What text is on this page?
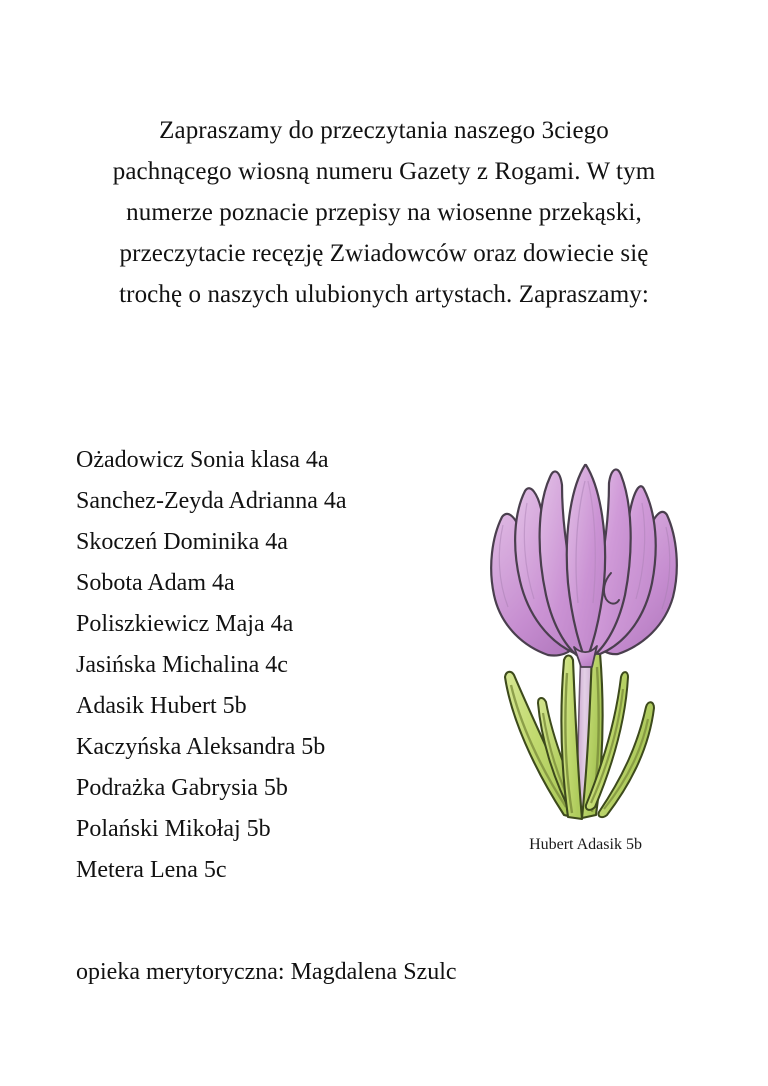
Zapraszamy do przeczytania naszego 3ciego
pachnącego wiosną numeru Gazety z Rogami. W tym
numerze poznacie przepisy na wiosenne przekąski,
przeczytacie recęzję Zwiadowców oraz dowiecie się
trochę o naszych ulubionych artystach. Zapraszamy:
Ożadowicz Sonia klasa 4a
Sanchez-Zeyda Adrianna 4a
Skoczeń Dominika 4a
Sobota Adam 4a
Poliszkiewicz Maja 4a
Jasińska Michalina 4c
Adasik Hubert 5b
Kaczyńska Aleksandra 5b
Podrażka Gabrysia 5b
Polański Mikołaj 5b
Metera Lena 5c
Hubert Adasik 5b
opieka merytoryczna: Magdalena Szulc
